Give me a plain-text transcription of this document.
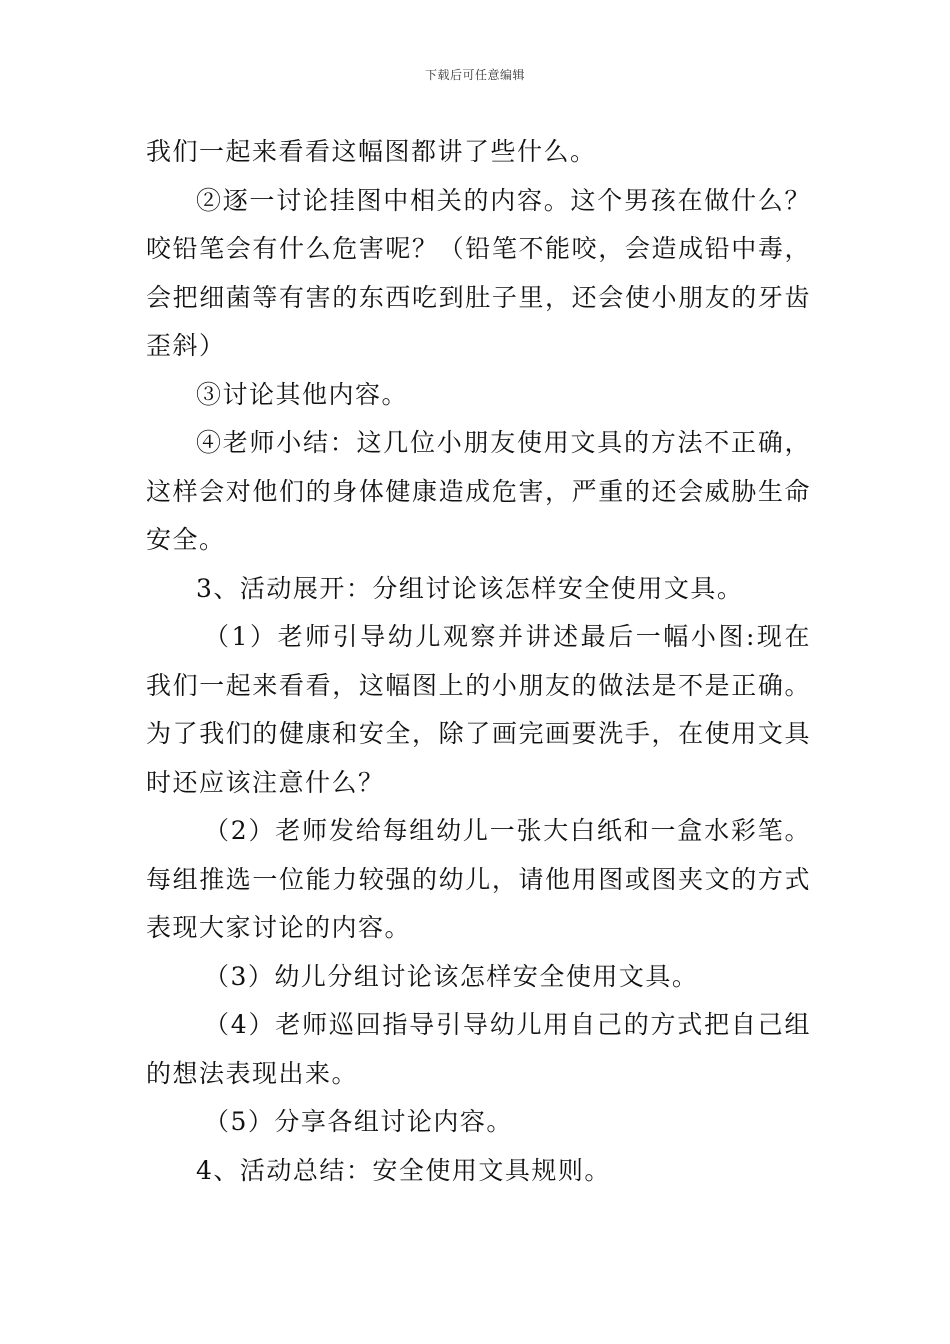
下载后可任意编辑

我们一起来看看这幅图都讲了些什么。

②逐一讨论挂图中相关的内容。这个男孩在做什么？咬铅笔会有什么危害呢？（铅笔不能咬，会造成铅中毒，会把细菌等有害的东西吃到肚子里，还会使小朋友的牙齿歪斜）

③讨论其他内容。

④老师小结：这几位小朋友使用文具的方法不正确，这样会对他们的身体健康造成危害，严重的还会威胁生命安全。

3、活动展开：分组讨论该怎样安全使用文具。

（1）老师引导幼儿观察并讲述最后一幅小图:现在我们一起来看看，这幅图上的小朋友的做法是不是正确。为了我们的健康和安全，除了画完画要洗手，在使用文具时还应该注意什么？

（2）老师发给每组幼儿一张大白纸和一盒水彩笔。每组推选一位能力较强的幼儿，请他用图或图夹文的方式表现大家讨论的内容。

（3）幼儿分组讨论该怎样安全使用文具。

（4）老师巡回指导引导幼儿用自己的方式把自己组的想法表现出来。

（5）分享各组讨论内容。

4、活动总结：安全使用文具规则。
